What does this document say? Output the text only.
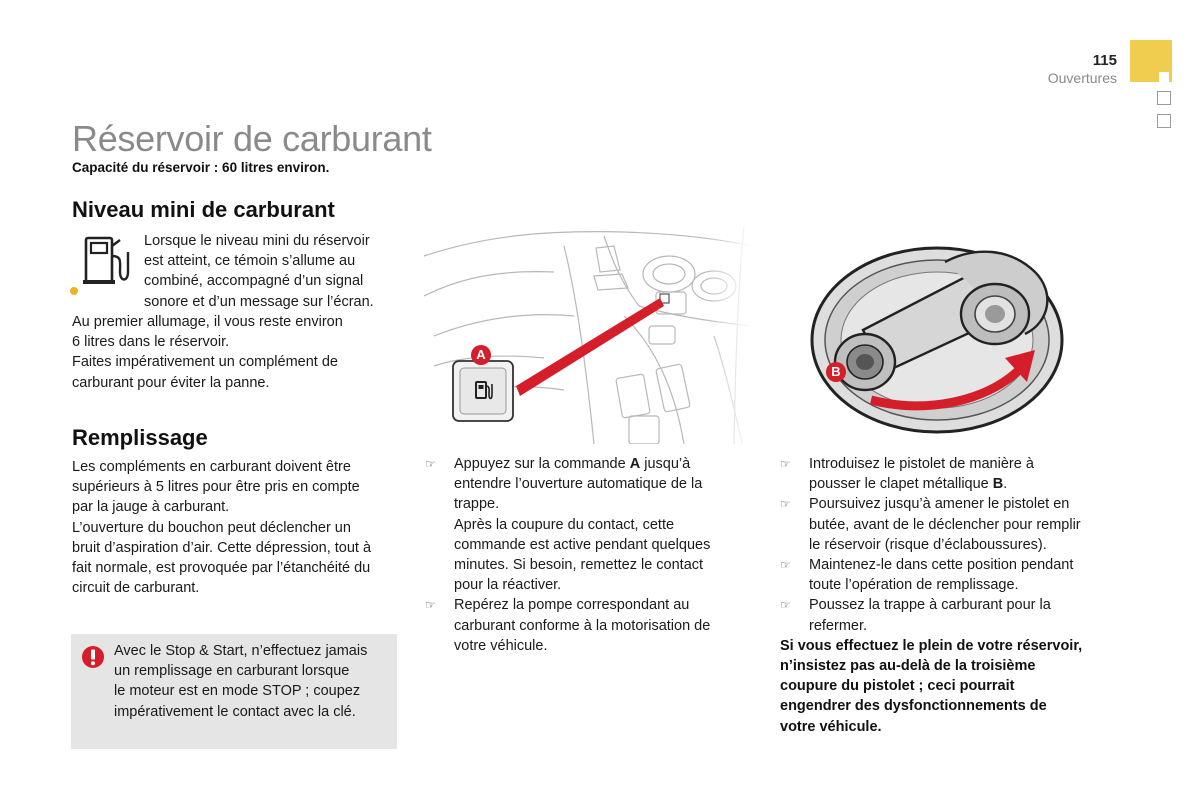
115
Ouvertures
Réservoir de carburant
Capacité du réservoir : 60 litres environ.
Niveau mini de carburant

Lorsque le niveau mini du réservoir

est atteint, ce témoin s’allume au

combiné, accompagné d’un signal

sonore et d’un message sur l’écran.

Au premier allumage, il vous reste environ

6 litres dans le réservoir.

Faites impérativement un complément de

carburant pour éviter la panne.

Remplissage

Les compléments en carburant doivent être

supérieurs à 5 litres pour être pris en compte

par la jauge à carburant.

L’ouverture du bouchon peut déclencher un

bruit d’aspiration d’air. Cette dépression, tout à

fait normale, est provoquée par l’étanchéité du

circuit de carburant.

Avec le Stop & Start, n’effectuez jamais

un remplissage en carburant lorsque

le moteur est en mode STOP ; coupez

impérativement le contact avec la clé.

A
B
☞ Appuyez sur la commande A jusqu’à
entendre l’ouverture automatique de la
trappe.
Après la coupure du contact, cette
commande est active pendant quelques
minutes. Si besoin, remettez le contact
pour la réactiver.
☞ Repérez la pompe correspondant au
carburant conforme à la motorisation de
votre véhicule.
☞ Introduisez le pistolet de manière à
pousser le clapet métallique B.
☞ Poursuivez jusqu’à amener le pistolet en
butée, avant de le déclencher pour remplir
le réservoir (risque d’éclaboussures).
☞ Maintenez-le dans cette position pendant
toute l’opération de remplissage.
☞ Poussez la trappe à carburant pour la
refermer.
Si vous effectuez le plein de votre réservoir,
n’insistez pas au-delà de la troisième
coupure du pistolet ; ceci pourrait
engendrer des dysfonctionnements de
votre véhicule.
